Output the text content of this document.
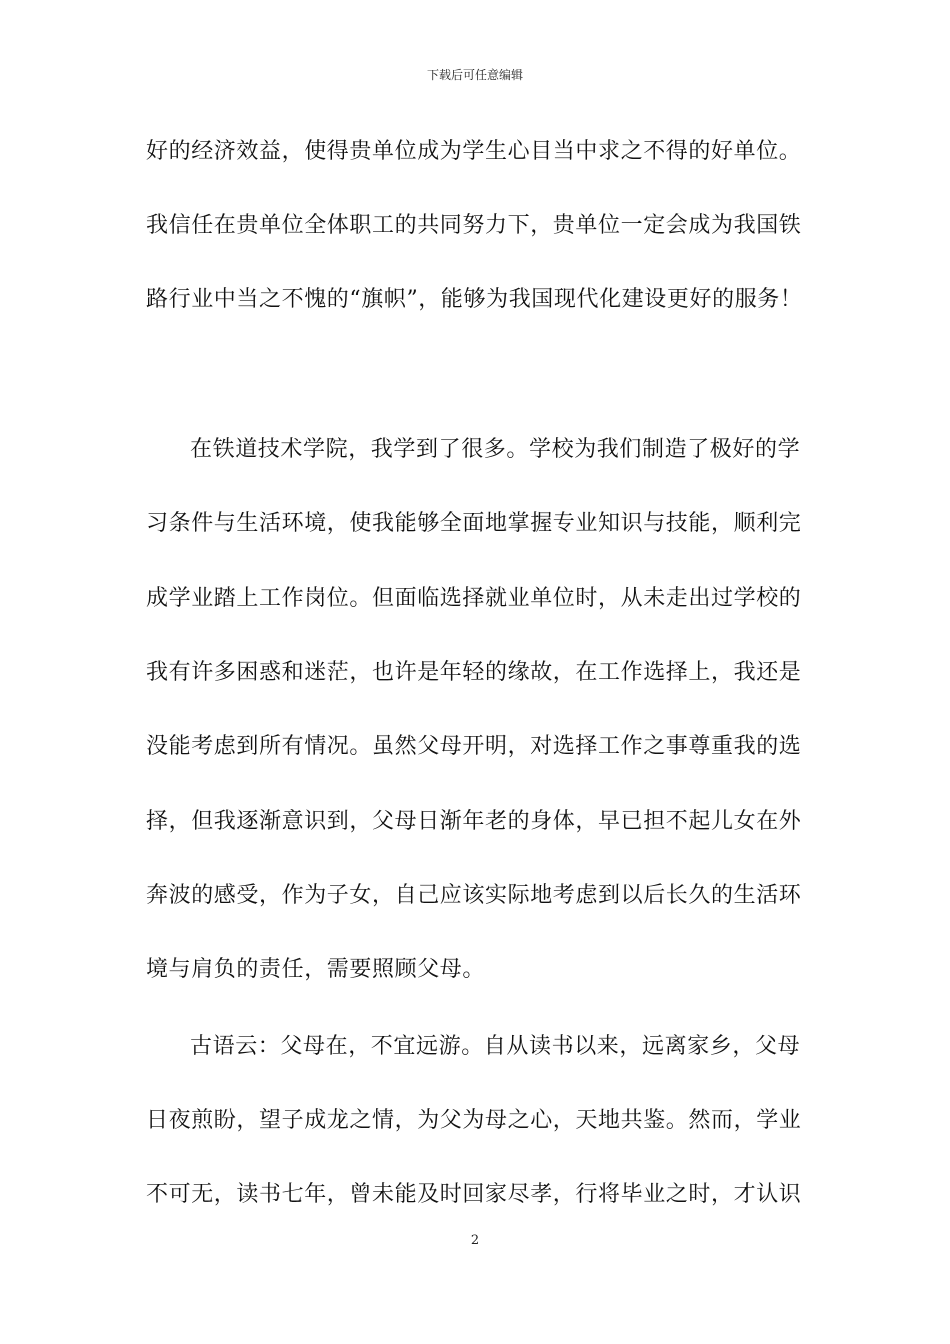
下载后可任意编辑
好的经济效益，使得贵单位成为学生心目当中求之不得的好单位。
我信任在贵单位全体职工的共同努力下，贵单位一定会成为我国铁
路行业中当之不愧的“旗帜”，能够为我国现代化建设更好的服务！
在铁道技术学院，我学到了很多。学校为我们制造了极好的学
习条件与生活环境，使我能够全面地掌握专业知识与技能，顺利完
成学业踏上工作岗位。但面临选择就业单位时，从未走出过学校的
我有许多困惑和迷茫，也许是年轻的缘故，在工作选择上，我还是
没能考虑到所有情况。虽然父母开明，对选择工作之事尊重我的选
择，但我逐渐意识到，父母日渐年老的身体，早已担不起儿女在外
奔波的感受，作为子女，自己应该实际地考虑到以后长久的生活环
境与肩负的责任，需要照顾父母。
古语云：父母在，不宜远游。自从读书以来，远离家乡，父母
日夜煎盼，望子成龙之情，为父为母之心，天地共鉴。然而，学业
不可无，读书七年，曾未能及时回家尽孝，行将毕业之时，才认识
2
